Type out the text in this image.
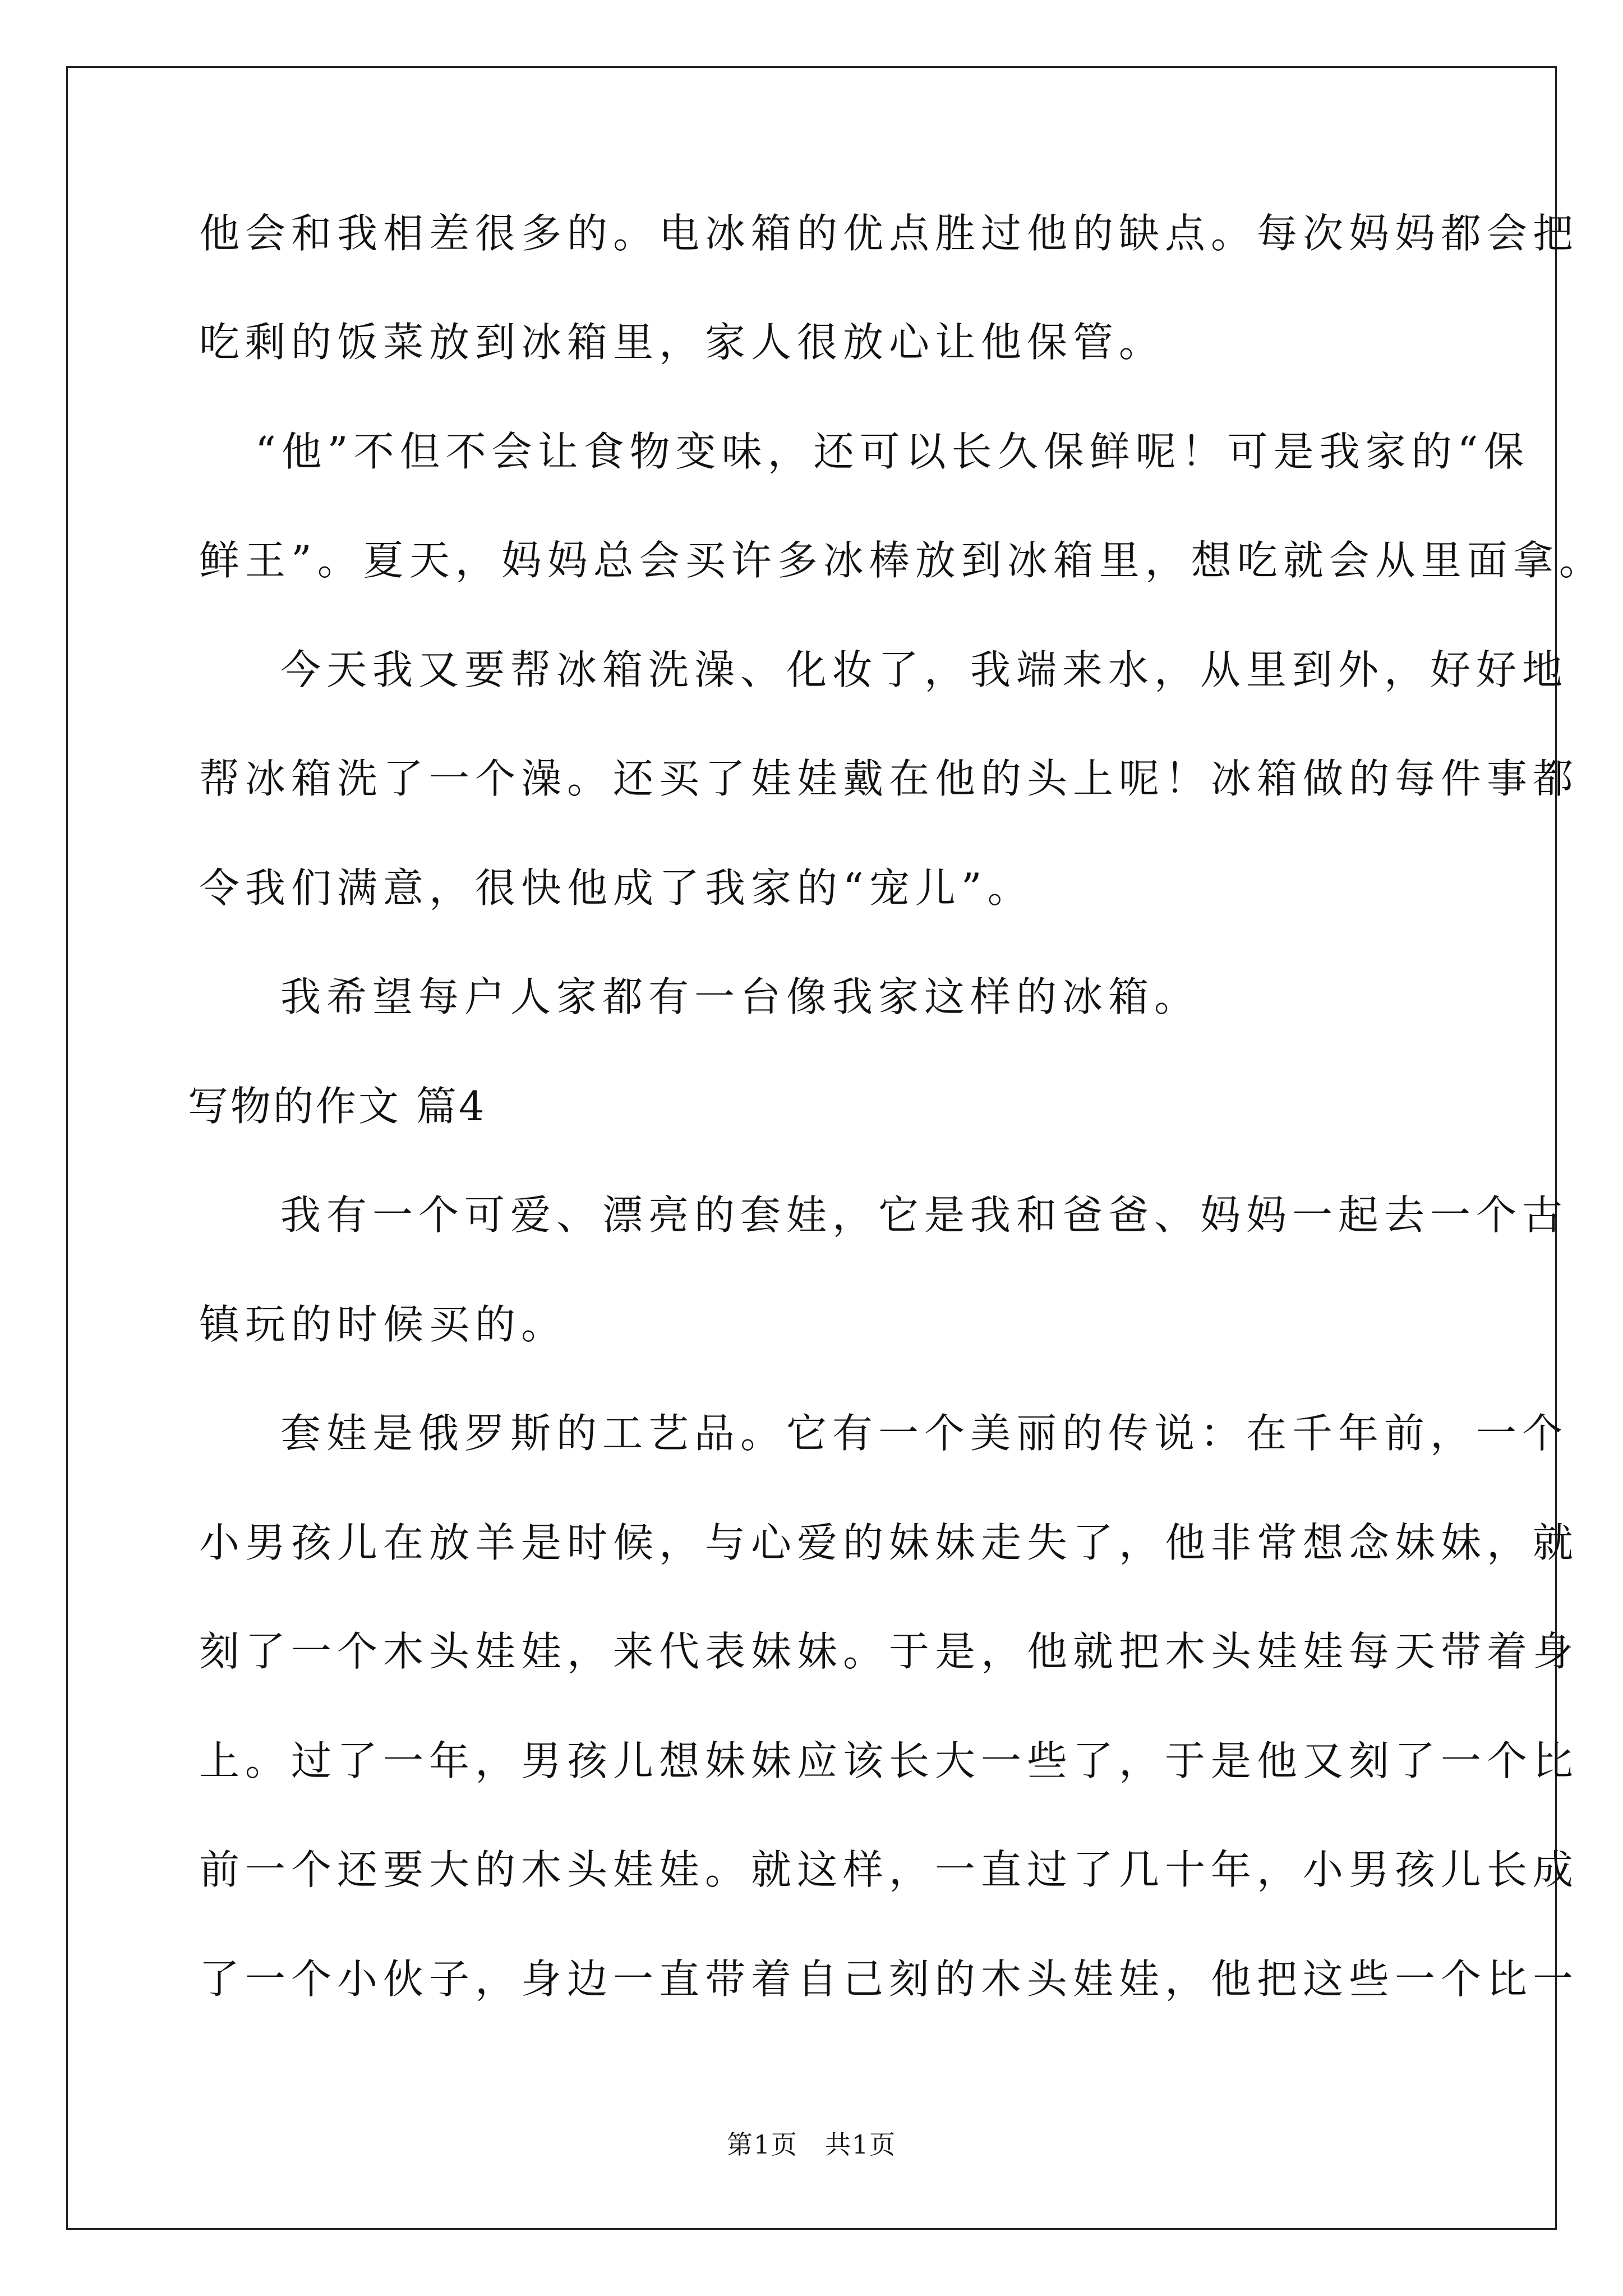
他会和我相差很多的。电冰箱的优点胜过他的缺点。每次妈妈都会把
吃剩的饭菜放到冰箱里，家人很放心让他保管。
“他”不但不会让食物变味，还可以长久保鲜呢！可是我家的“保
鲜王”。夏天，妈妈总会买许多冰棒放到冰箱里，想吃就会从里面拿。
今天我又要帮冰箱洗澡、化妆了，我端来水，从里到外，好好地
帮冰箱洗了一个澡。还买了娃娃戴在他的头上呢！冰箱做的每件事都
令我们满意，很快他成了我家的“宠儿”。
我希望每户人家都有一台像我家这样的冰箱。
写物的作文 篇4
我有一个可爱、漂亮的套娃，它是我和爸爸、妈妈一起去一个古
镇玩的时候买的。
套娃是俄罗斯的工艺品。它有一个美丽的传说：在千年前，一个
小男孩儿在放羊是时候，与心爱的妹妹走失了，他非常想念妹妹，就
刻了一个木头娃娃，来代表妹妹。于是，他就把木头娃娃每天带着身
上。过了一年，男孩儿想妹妹应该长大一些了，于是他又刻了一个比
前一个还要大的木头娃娃。就这样，一直过了几十年，小男孩儿长成
了一个小伙子，身边一直带着自己刻的木头娃娃，他把这些一个比一
第1页　共1页
